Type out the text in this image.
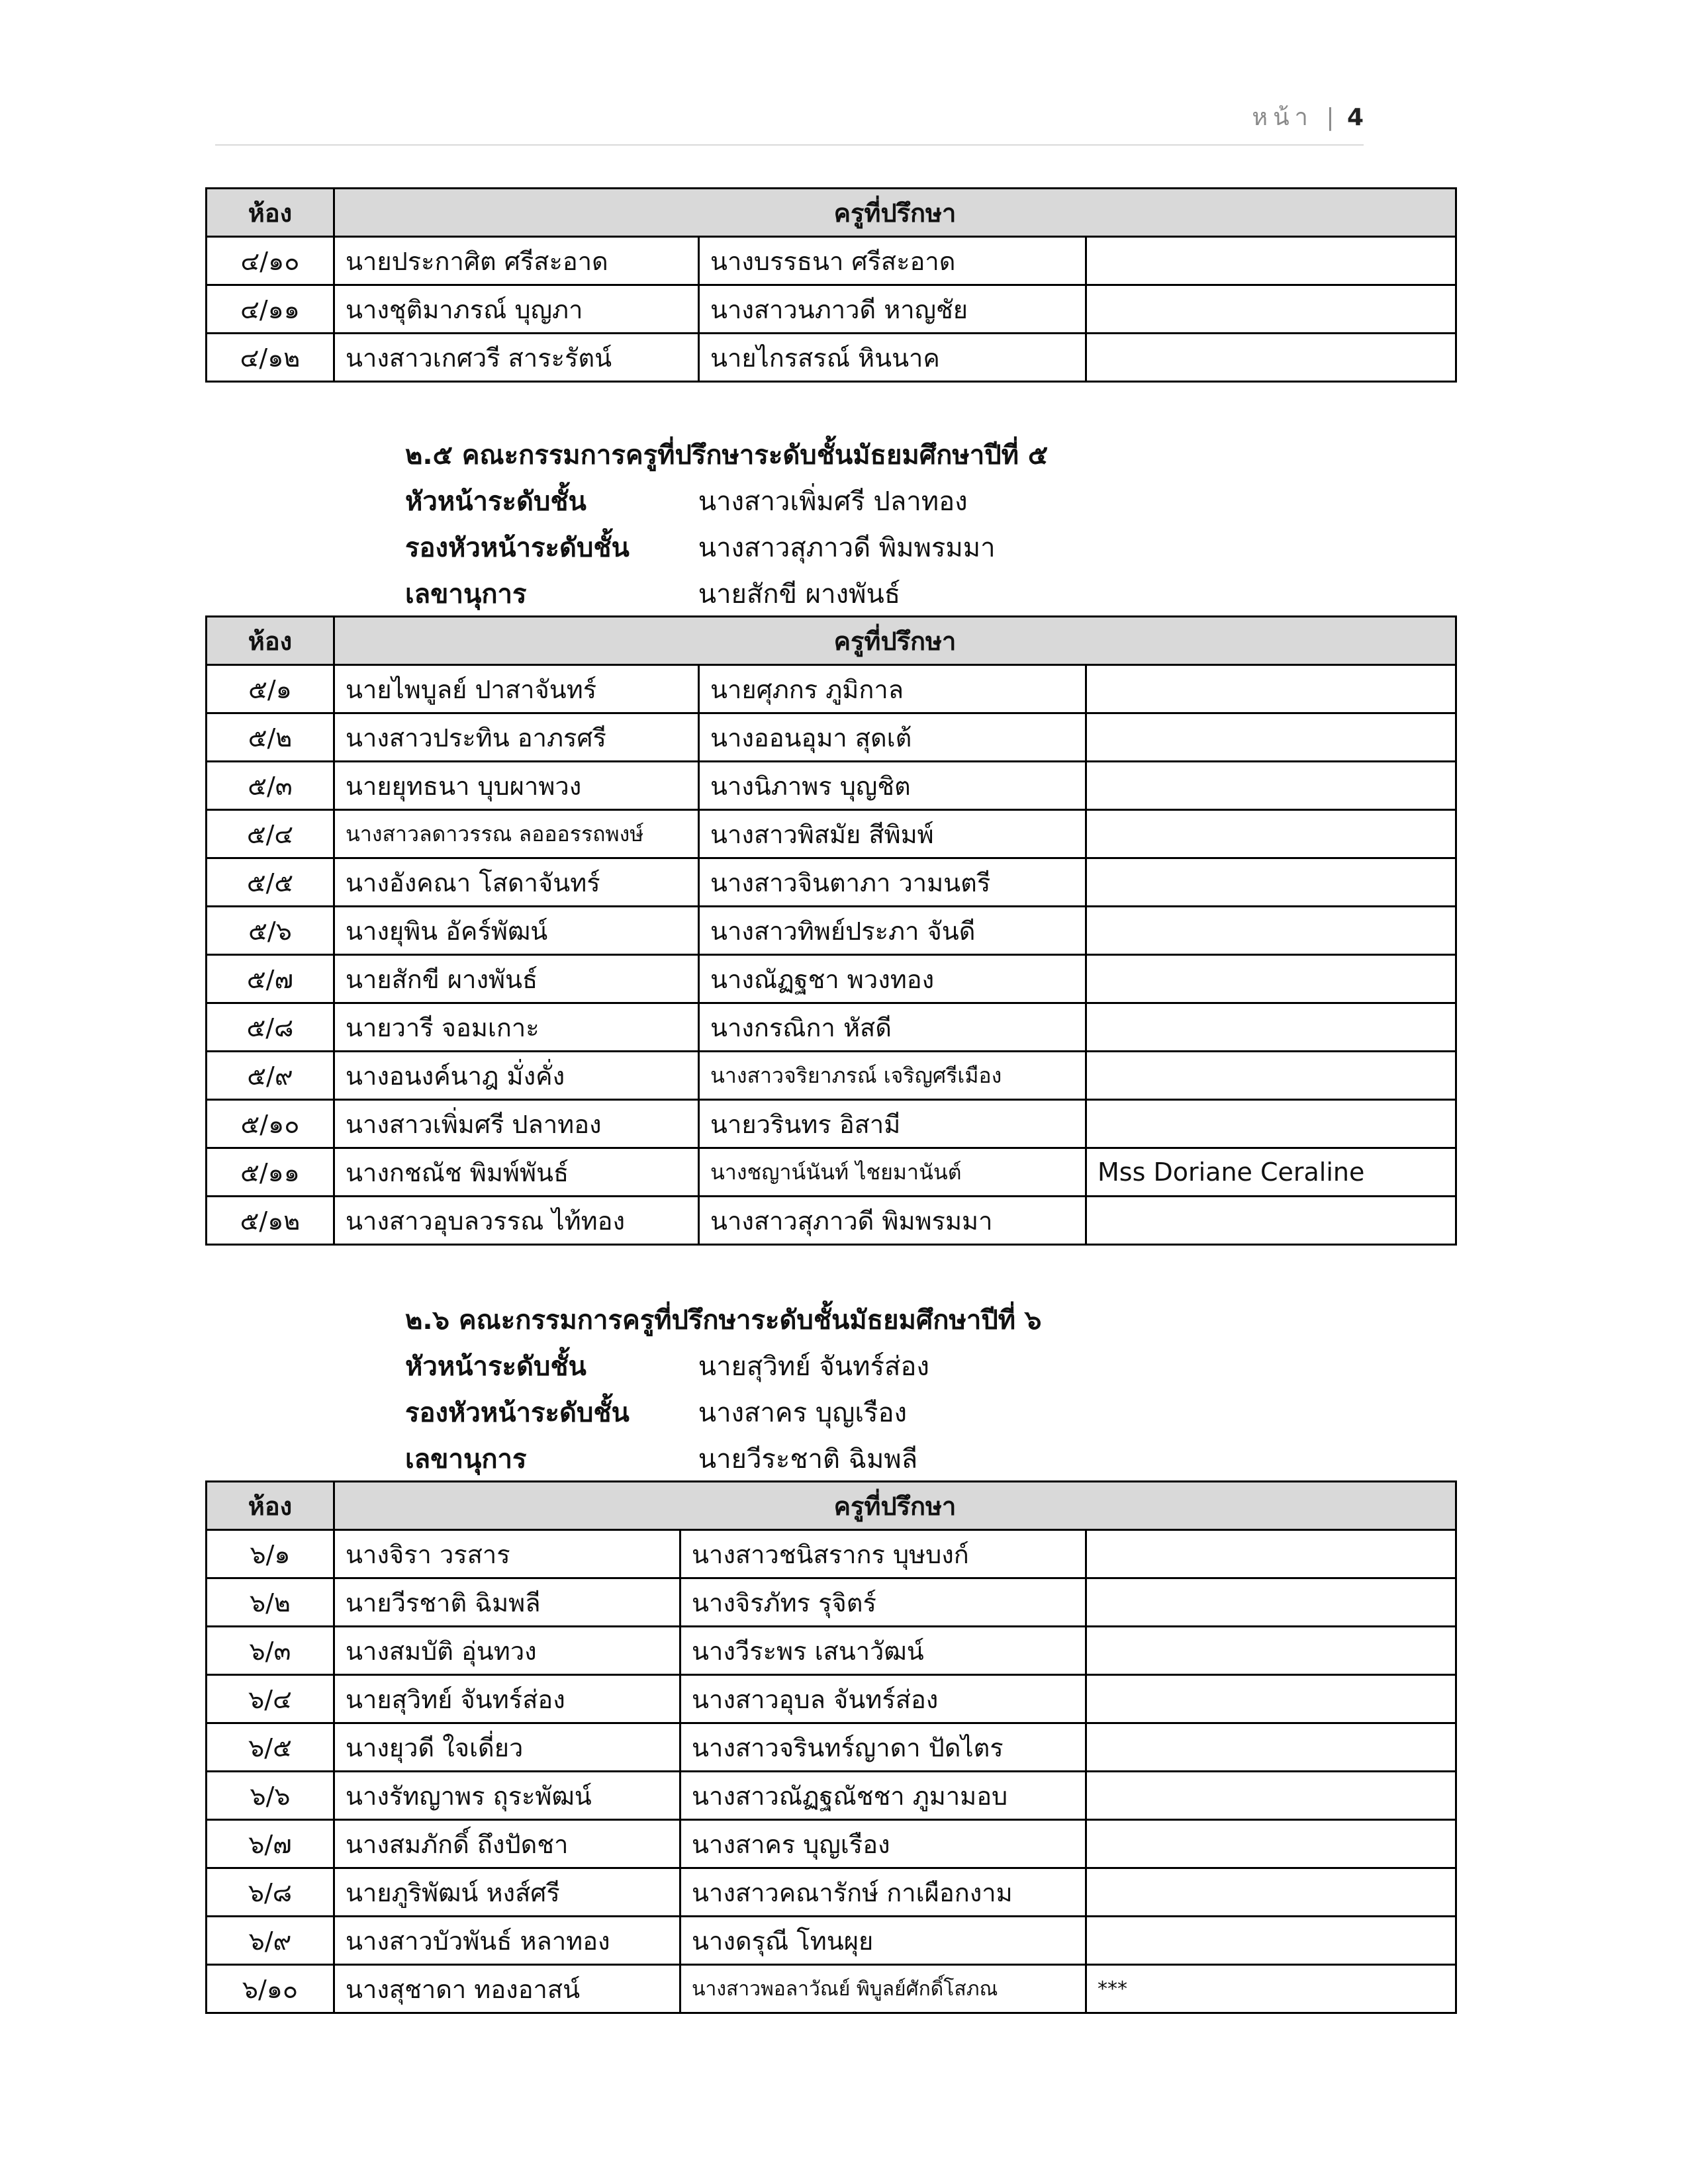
หน้า | 4
ห้อง	ครูที่ปรึกษา		
๔/๑๐	นายประกาศิต ศรีสะอาด	นางบรรธนา ศรีสะอาด	
๔/๑๑	นางชุติมาภรณ์ บุญภา	นางสาวนภาวดี หาญชัย	
๔/๑๒	นางสาวเกศวรี สาระรัตน์	นายไกรสรณ์ หินนาค	
๒.๕ คณะกรรมการครูที่ปรึกษาระดับชั้นมัธยมศึกษาปีที่ ๕
หัวหน้าระดับชั้น	นางสาวเพิ่มศรี ปลาทอง
รองหัวหน้าระดับชั้น	นางสาวสุภาวดี พิมพรมมา
เลขานุการ	นายสักขี ผางพันธ์
ห้อง	ครูที่ปรึกษา		
๕/๑	นายไพบูลย์ ปาสาจันทร์	นายศุภกร ภูมิกาล	
๕/๒	นางสาวประทิน อาภรศรี	นางออนอุมา สุดเต้	
๕/๓	นายยุทธนา บุบผาพวง	นางนิภาพร บุญชิต	
๕/๔	นางสาวลดาวรรณ ลอออรรถพงษ์	นางสาวพิสมัย สีพิมพ์	
๕/๕	นางอังคณา โสดาจันทร์	นางสาวจินตาภา วามนตรี	
๕/๖	นางยุพิน อัคร์พัฒน์	นางสาวทิพย์ประภา จันดี	
๕/๗	นายสักขี ผางพันธ์	นางณัฏฐชา พวงทอง	
๕/๘	นายวารี จอมเกาะ	นางกรณิกา หัสดี	
๕/๙	นางอนงค์นาฎ มั่งคั่ง	นางสาวจริยาภรณ์ เจริญศรีเมือง	
๕/๑๐	นางสาวเพิ่มศรี ปลาทอง	นายวรินทร อิสามี	
๕/๑๑	นางกชณัช พิมพ์พันธ์	นางชญาน์นันท์ ไชยมานันต์	Mss Doriane Ceraline
๕/๑๒	นางสาวอุบลวรรณ ไท้ทอง	นางสาวสุภาวดี พิมพรมมา	
๒.๖ คณะกรรมการครูที่ปรึกษาระดับชั้นมัธยมศึกษาปีที่ ๖
หัวหน้าระดับชั้น	นายสุวิทย์ จันทร์ส่อง
รองหัวหน้าระดับชั้น	นางสาคร บุญเรือง
เลขานุการ	นายวีระชาติ ฉิมพลี
ห้อง	ครูที่ปรึกษา		
๖/๑	นางจิรา วรสาร	นางสาวชนิสรากร บุษบงก์	
๖/๒	นายวีรชาติ ฉิมพลี	นางจิรภัทร รุจิตร์	
๖/๓	นางสมบัติ อุ่นทวง	นางวีระพร เสนาวัฒน์	
๖/๔	นายสุวิทย์ จันทร์ส่อง	นางสาวอุบล จันทร์ส่อง	
๖/๕	นางยุวดี ใจเดี่ยว	นางสาวจรินทร์ญาดา ปัดไตร	
๖/๖	นางรัทญาพร ถุระพัฒน์	นางสาวณัฏฐณัชชา ภูมามอบ	
๖/๗	นางสมภักดิ์ ถึงปัดชา	นางสาคร บุญเรือง	
๖/๘	นายภูริพัฒน์ หงส์ศรี	นางสาวคณารักษ์ กาเผือกงาม	
๖/๙	นางสาวบัวพันธ์ หลาทอง	นางดรุณี โทนผุย	
๖/๑๐	นางสุชาดา ทองอาสน์	นางสาวพอลาวัณย์ พิบูลย์ศักดิ์โสภณ	***
